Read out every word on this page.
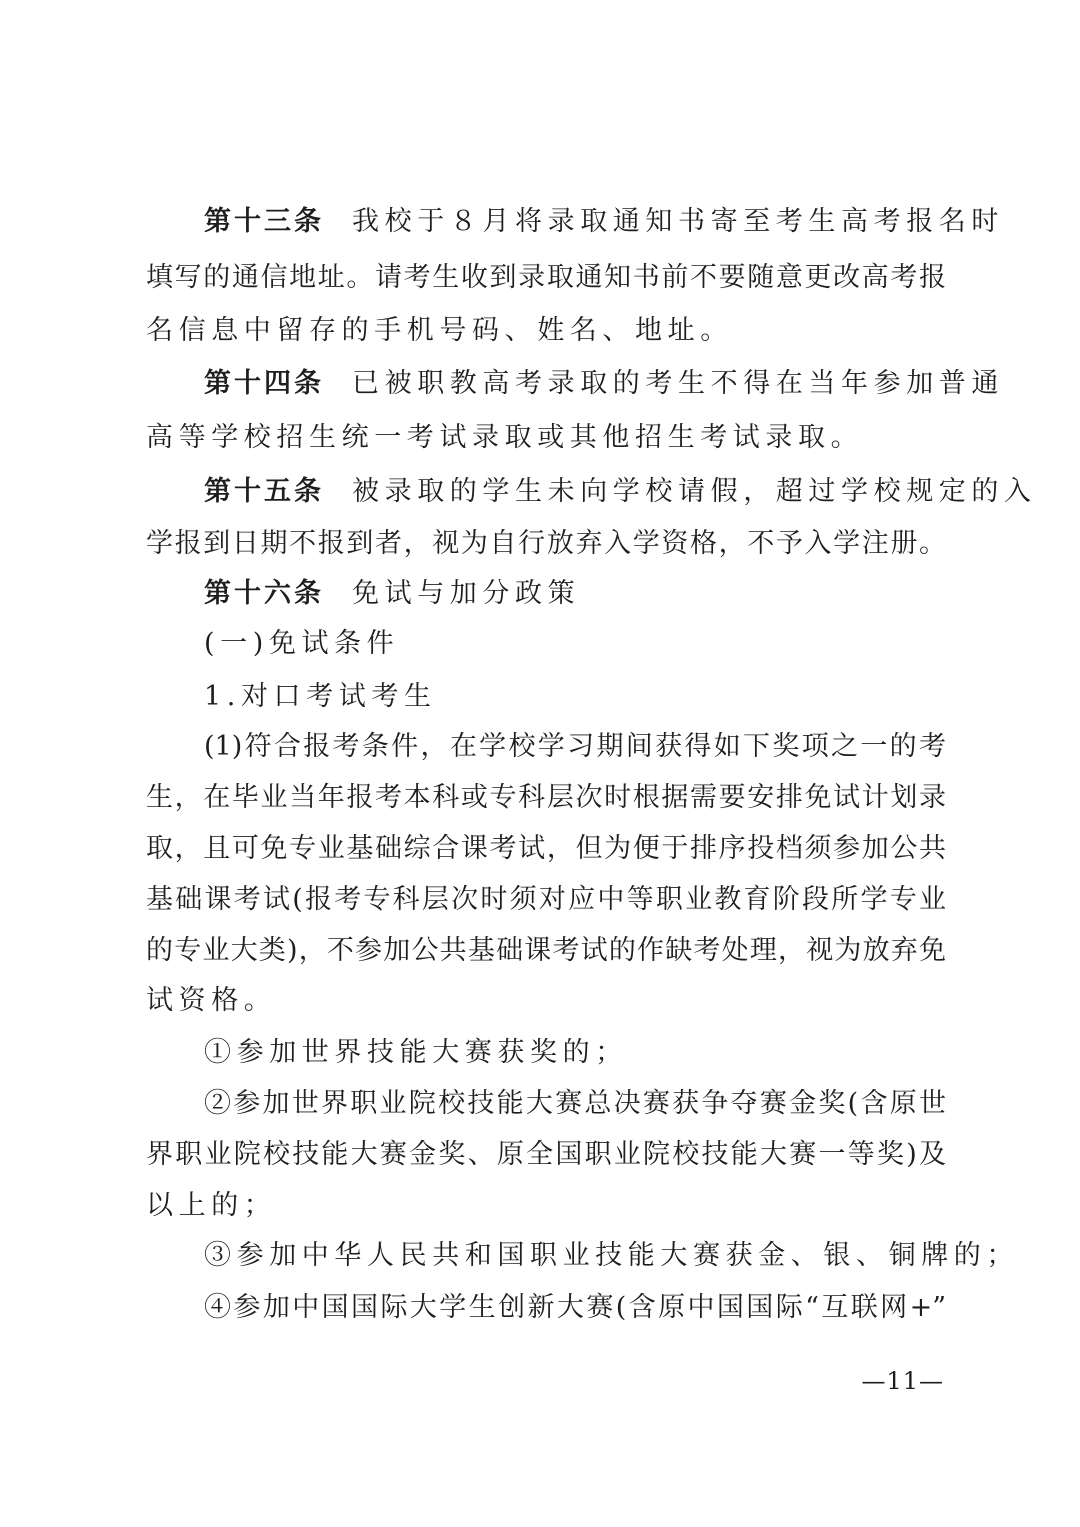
第十三条 我校于８月将录取通知书寄至考生高考报名时
填写的通信地址。请考生收到录取通知书前不要随意更改高考报
名信息中留存的手机号码、姓名、地址。
第十四条 已被职教高考录取的考生不得在当年参加普通
高等学校招生统一考试录取或其他招生考试录取。
第十五条 被录取的学生未向学校请假，超过学校规定的入
学报到日期不报到者，视为自行放弃入学资格，不予入学注册。
第十六条 免试与加分政策
(一)免试条件
1.对口考试考生
(1)符合报考条件，在学校学习期间获得如下奖项之一的考
生，在毕业当年报考本科或专科层次时根据需要安排免试计划录
取，且可免专业基础综合课考试，但为便于排序投档须参加公共
基础课考试(报考专科层次时须对应中等职业教育阶段所学专业
的专业大类)，不参加公共基础课考试的作缺考处理，视为放弃免
试资格。
①参加世界技能大赛获奖的；
②参加世界职业院校技能大赛总决赛获争夺赛金奖(含原世
界职业院校技能大赛金奖、原全国职业院校技能大赛一等奖)及
以上的；
③参加中华人民共和国职业技能大赛获金、银、铜牌的；
④参加中国国际大学生创新大赛(含原中国国际“互联网+”
—11—
